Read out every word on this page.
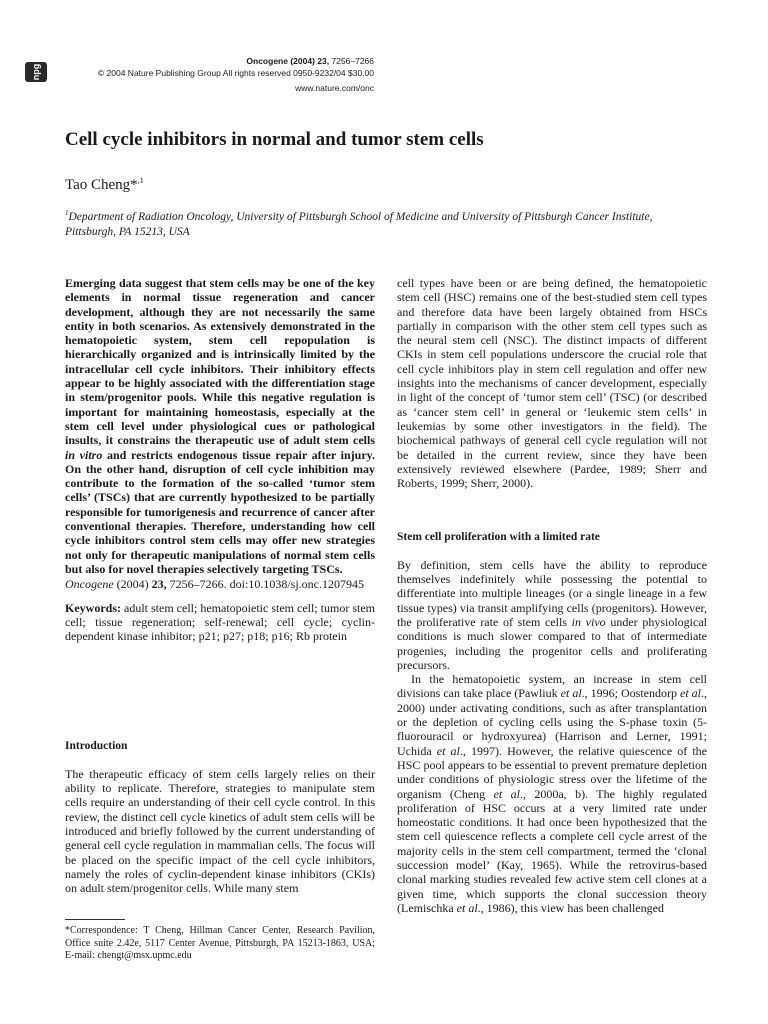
npg
Oncogene (2004) 23, 7256–7266
© 2004 Nature Publishing Group All rights reserved 0950-9232/04 $30.00
www.nature.com/onc
Cell cycle inhibitors in normal and tumor stem cells
Tao Cheng*$^{,1}$
$^1$Department of Radiation Oncology, University of Pittsburgh School of Medicine and University of Pittsburgh Cancer Institute, Pittsburgh, PA 15213, USA

Emerging data suggest that stem cells may be one of the key elements in normal tissue regeneration and cancer development, although they are not necessarily the same entity in both scenarios. As extensively demonstrated in the hematopoietic system, stem cell repopulation is hierarchically organized and is intrinsically limited by the intracellular cell cycle inhibitors. Their inhibitory effects appear to be highly associated with the differentiation stage in stem/progenitor pools. While this negative regulation is important for maintaining homeostasis, especially at the stem cell level under physiological cues or pathological insults, it constrains the therapeutic use of adult stem cells in vitro and restricts endogenous tissue repair after injury. On the other hand, disruption of cell cycle inhibition may contribute to the formation of the so-called ‘tumor stem cells’ (TSCs) that are currently hypothesized to be partially responsible for tumorigenesis and recurrence of cancer after conventional therapies. Therefore, understanding how cell cycle inhibitors control stem cells may offer new strategies not only for therapeutic manipulations of normal stem cells but also for novel therapies selectively targeting TSCs.

Oncogene (2004) 23, 7256–7266. doi:10.1038/sj.onc.1207945

Keywords: adult stem cell; hematopoietic stem cell; tumor stem cell; tissue regeneration; self-renewal; cell cycle; cyclin-dependent kinase inhibitor; p21; p27; p18; p16; Rb protein

Introduction

The therapeutic efficacy of stem cells largely relies on their ability to replicate. Therefore, strategies to manipulate stem cells require an understanding of their cell cycle control. In this review, the distinct cell cycle kinetics of adult stem cells will be introduced and briefly followed by the current understanding of general cell cycle regulation in mammalian cells. The focus will be placed on the specific impact of the cell cycle inhibitors, namely the roles of cyclin-dependent kinase inhibitors (CKIs) on adult stem/progenitor cells. While many stem

*Correspondence: T Cheng, Hillman Cancer Center, Research Pavilion, Office suite 2.42e, 5117 Center Avenue, Pittsburgh, PA 15213-1863, USA; E-mail: chengt@msx.upmc.edu

cell types have been or are being defined, the hematopoietic stem cell (HSC) remains one of the best-studied stem cell types and therefore data have been largely obtained from HSCs partially in comparison with the other stem cell types such as the neural stem cell (NSC). The distinct impacts of different CKIs in stem cell populations underscore the crucial role that cell cycle inhibitors play in stem cell regulation and offer new insights into the mechanisms of cancer development, especially in light of the concept of ‘tumor stem cell’ (TSC) (or described as ‘cancer stem cell’ in general or ‘leukemic stem cells’ in leukemias by some other investigators in the field). The biochemical pathways of general cell cycle regulation will not be detailed in the current review, since they have been extensively reviewed elsewhere (Pardee, 1989; Sherr and Roberts, 1999; Sherr, 2000).

Stem cell proliferation with a limited rate

By definition, stem cells have the ability to reproduce themselves indefinitely while possessing the potential to differentiate into multiple lineages (or a single lineage in a few tissue types) via transit amplifying cells (progenitors). However, the proliferative rate of stem cells in vivo under physiological conditions is much slower compared to that of intermediate progenies, including the progenitor cells and proliferating precursors.

In the hematopoietic system, an increase in stem cell divisions can take place (Pawliuk et al., 1996; Oostendorp et al., 2000) under activating conditions, such as after transplantation or the depletion of cycling cells using the S-phase toxin (5-fluorouracil or hydroxyurea) (Harrison and Lerner, 1991; Uchida et al., 1997). However, the relative quiescence of the HSC pool appears to be essential to prevent premature depletion under conditions of physiologic stress over the lifetime of the organism (Cheng et al., 2000a, b). The highly regulated proliferation of HSC occurs at a very limited rate under homeostatic conditions. It had once been hypothesized that the stem cell quiescence reflects a complete cell cycle arrest of the majority cells in the stem cell compartment, termed the ‘clonal succession model’ (Kay, 1965). While the retrovirus-based clonal marking studies revealed few active stem cell clones at a given time, which supports the clonal succession theory (Lemischka et al., 1986), this view has been challenged
